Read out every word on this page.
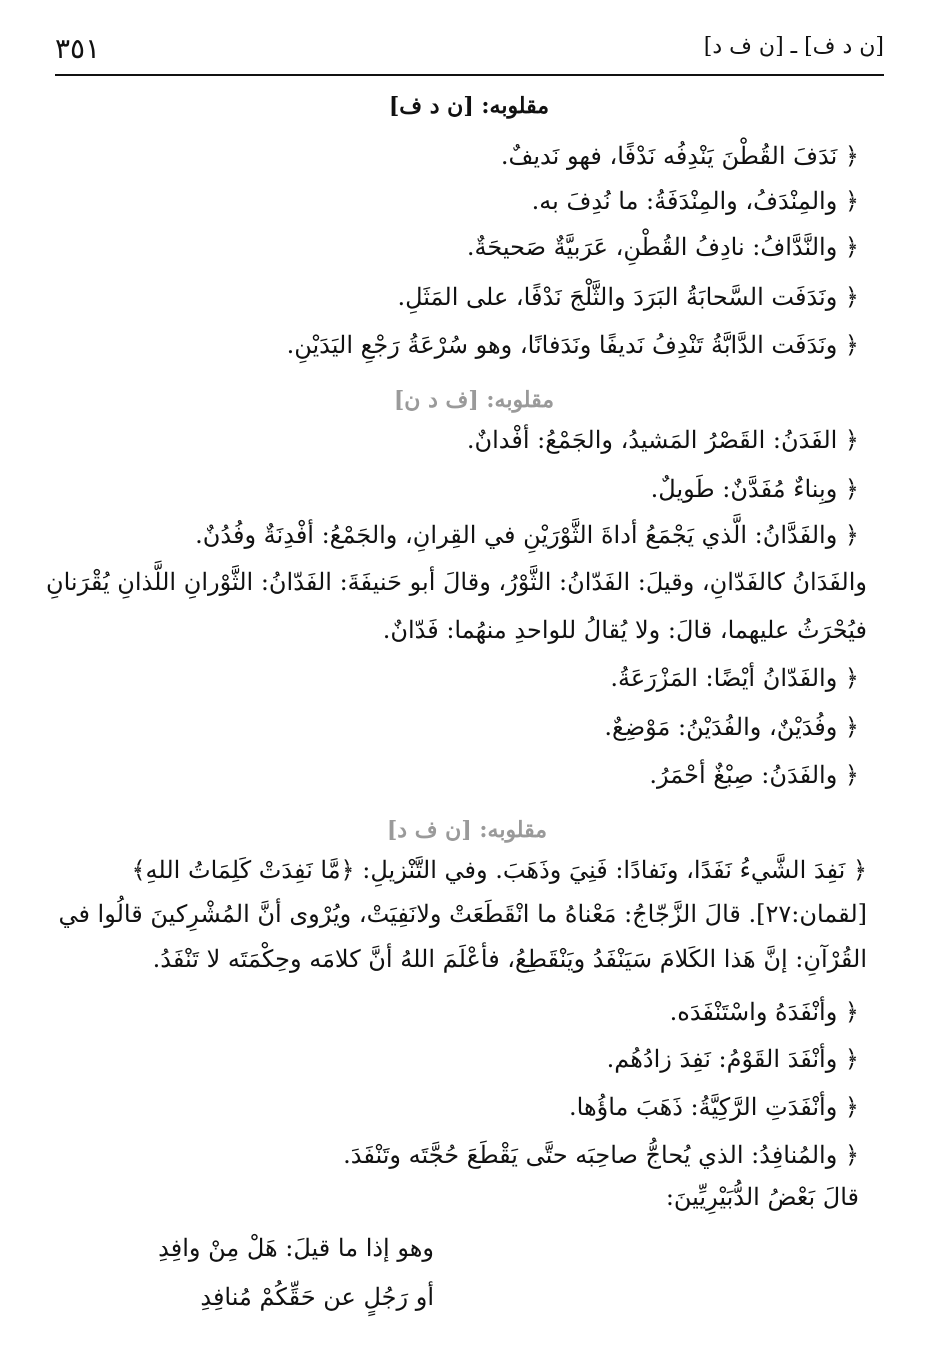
٣٥١	[ن د ف] ـ [ن ف د]
مقلوبه: [ن د ف]
﴿ نَدَفَ القُطْنَ يَنْدِفُه نَدْفًا، فهو نَديفٌ.
﴿ والمِنْدَفُ، والمِنْدَفَةُ: ما نُدِفَ به.
﴿ والنَّدَّافُ: نادِفُ القُطْنِ، عَرَبيَّةٌ صَحيحَةٌ.
﴿ ونَدَفَت السَّحابَةُ البَرَدَ والثَّلْجَ نَدْفًا، على المَثَلِ.
﴿ ونَدَفَت الدَّابَّةُ تَنْدِفُ نَديفًا ونَدَفانًا، وهو سُرْعَةُ رَجْعِ اليَدَيْنِ.
مقلوبه: [ف د ن]
﴿ الفَدَنُ: القَصْرُ المَشيدُ، والجَمْعُ: أفْدانٌ.
﴿ وبِناءٌ مُفَدَّنٌ: طَويلٌ.
﴿ والفَدَّانُ: الَّذي يَجْمَعُ أداةَ الثَّوْرَيْنِ في القِرانِ، والجَمْعُ: أفْدِنَةٌ وفُدُنٌ.
والفَدَانُ كالفَدّانِ، وقيلَ: الفَدّانُ: الثَّوْرُ، وقالَ أبو حَنيفَةَ: الفَدّانُ: الثَّوْرانِ اللَّذانِ يُقْرَنانِ
فيُحْرَثُ عليهما، قالَ: ولا يُقالُ للواحدِ منهُما: فَدّانٌ.
﴿ والفَدّانُ أيْضًا: المَزْرَعَةُ.
﴿ وفُدَيْنٌ، والفُدَيْنُ: مَوْضِعٌ.
﴿ والفَدَنُ: صِبْغٌ أحْمَرُ.
مقلوبه: [ن ف د]
﴿ نَفِدَ الشَّيءُ نَفَدًا، ونَفادًا: فَنِيَ وذَهَبَ. وفي التَّنْزيلِ: ﴿مَّا نَفِدَتْ كَلِمَاتُ اللهِ﴾
[لقمان:٢٧]. قالَ الزَّجّاجُ: مَعْناهُ ما انْقَطَعَتْ ولانَفِيَتْ، ويُرْوى أنَّ المُشْرِكينَ قالُوا في
القُرْآنِ: إنَّ هَذا الكَلامَ سَيَنْفَدُ ويَنْقَطِعُ، فأعْلَمَ اللهُ أنَّ كلامَه وحِكْمَتَه لا تَنْفَدُ.
﴿ وأنْفَدَهُ واسْتَنْفَدَه.
﴿ وأنْفَدَ القَوْمُ: نَفِدَ زادُهُم.
﴿ وأنْفَدَتِ الرَّكِيَّةُ: ذَهَبَ ماؤُها.
﴿ والمُنافِدُ: الذي يُحاجُّ صاحِبَه حتَّى يَقْطَعَ حُجَّتَه وتَنْفَدَ.
قالَ بَعْضُ الدُّبَيْرِيِّينَ:
وهو إذا ما قيلَ: هَلْ مِنْ وافِدِ
أو رَجُلٍ عن حَقِّكُمْ مُنافِدِ
